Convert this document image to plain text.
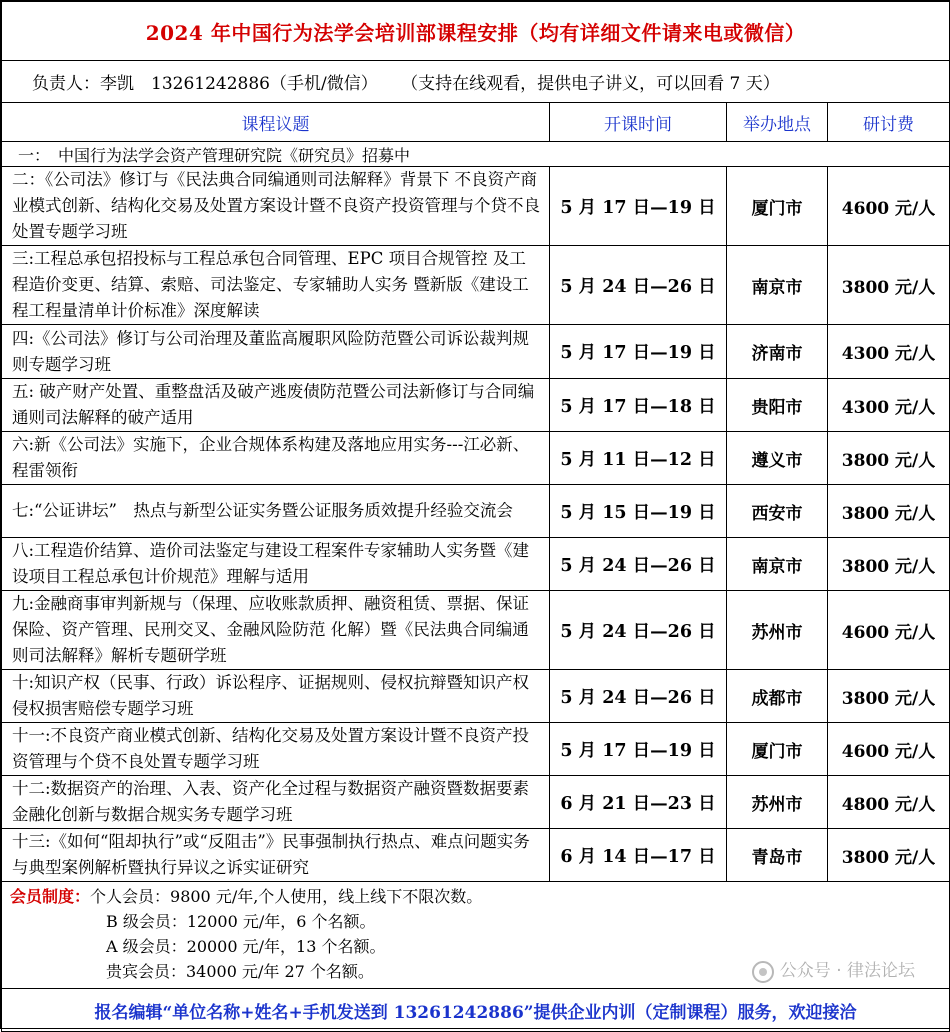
2024 年中国行为法学会培训部课程安排（均有详细文件请来电或微信）			
负责人：李凯　13261242886（手机/微信） （支持在线观看，提供电子讲义，可以回看 7 天）			
课程议题	开课时间	举办地点	研讨费
一：　中国行为法学会资产管理研究院《研究员》招募中			
二：《公司法》修订与《民法典合同编通则司法解释》背景下 不良资产商业模式创新、结构化交易及处置方案设计暨不良资产投资管理与个贷不良处置专题学习班	5 月 17 日—19 日	厦门市	4600 元/人
三:工程总承包招投标与工程总承包合同管理、EPC 项目合规管控 及工程造价变更、结算、索赔、司法鉴定、专家辅助人实务 暨新版《建设工程工程量清单计价标准》深度解读	5 月 24 日—26 日	南京市	3800 元/人
四:《公司法》修订与公司治理及董监高履职风险防范暨公司诉讼裁判规则专题学习班	5 月 17 日—19 日	济南市	4300 元/人
五: 破产财产处置、重整盘活及破产逃废债防范暨公司法新修订与合同编通则司法解释的破产适用	5 月 17 日—18 日	贵阳市	4300 元/人
六:新《公司法》实施下，企业合规体系构建及落地应用实务---江必新、程雷领衔	5 月 11 日—12 日	遵义市	3800 元/人
七:“公证讲坛”　热点与新型公证实务暨公证服务质效提升经验交流会	5 月 15 日—19 日	西安市	3800 元/人
八:工程造价结算、造价司法鉴定与建设工程案件专家辅助人实务暨《建设项目工程总承包计价规范》理解与适用	5 月 24 日—26 日	南京市	3800 元/人
九:金融商事审判新规与（保理、应收账款质押、融资租赁、票据、保证保险、资产管理、民刑交叉、金融风险防范 化解）暨《民法典合同编通则司法解释》解析专题研学班	5 月 24 日—26 日	苏州市	4600 元/人
十:知识产权（民事、行政）诉讼程序、证据规则、侵权抗辩暨知识产权侵权损害赔偿专题学习班	5 月 24 日—26 日	成都市	3800 元/人
十一:不良资产商业模式创新、结构化交易及处置方案设计暨不良资产投资管理与个贷不良处置专题学习班	5 月 17 日—19 日	厦门市	4600 元/人
十二:数据资产的治理、入表、资产化全过程与数据资产融资暨数据要素金融化创新与数据合规实务专题学习班	6 月 21 日—23 日	苏州市	4800 元/人
十三:《如何“阻却执行”或“反阻击”》民事强制执行热点、难点问题实务与典型案例解析暨执行异议之诉实证研究	6 月 14 日—17 日	青岛市	3800 元/人

会员制度：个人会员：9800 元/年,个人使用，线上线下不限次数。
B 级会员：12000 元/年，6 个名额。
A 级会员：20000 元/年，13 个名额。
贵宾会员：34000 元/年 27 个名额。 公众号 · 律法论坛			

报名编辑“单位名称+姓名+手机发送到 13261242886”提供企业内训（定制课程）服务，欢迎接洽			
